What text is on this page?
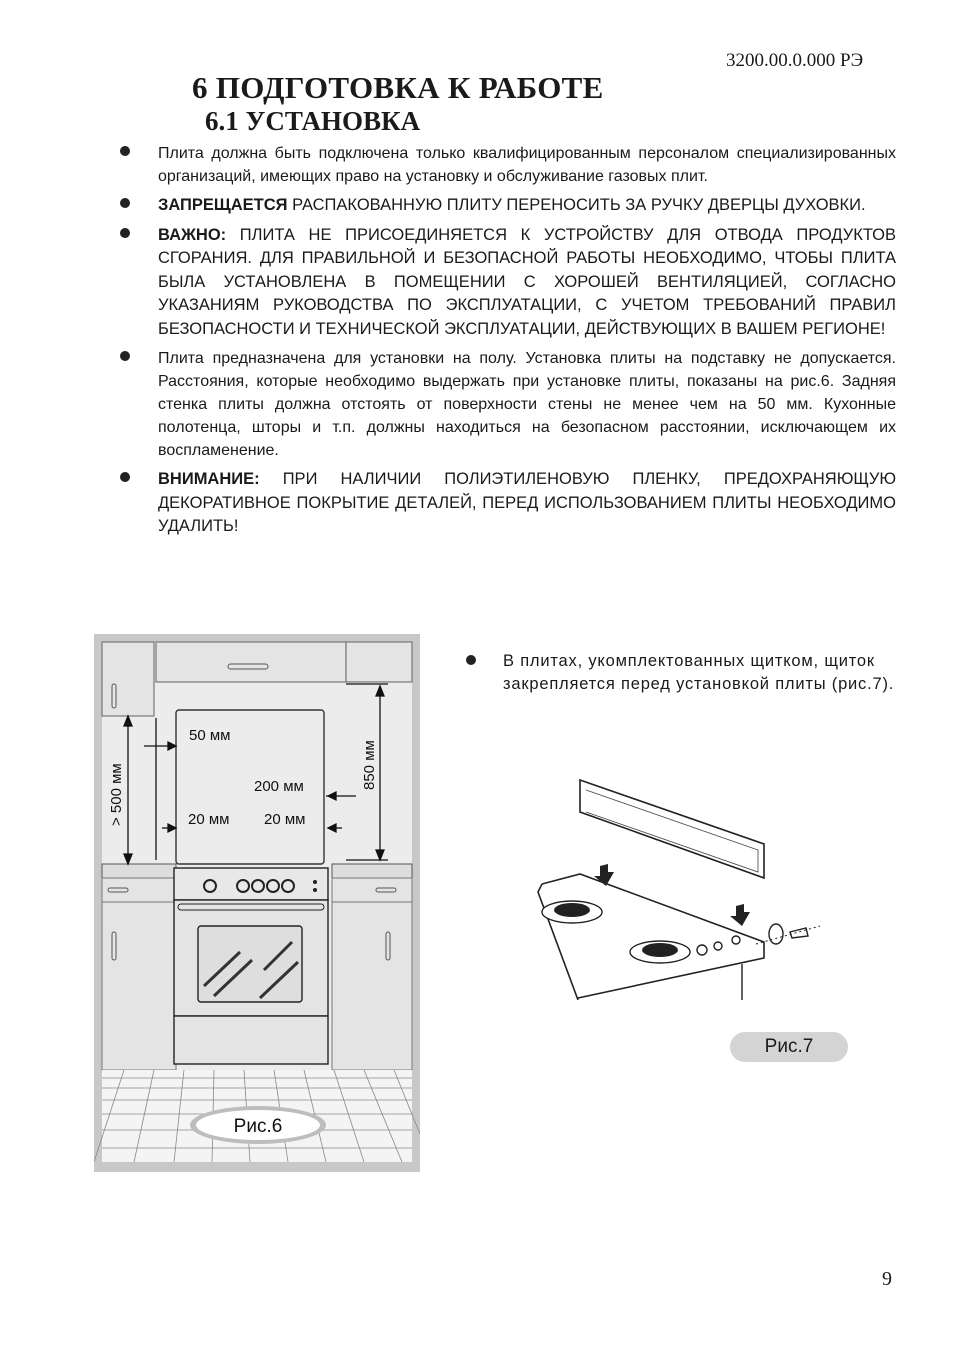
3200.00.0.000 РЭ
6 ПОДГОТОВКА К РАБОТЕ
6.1 УСТАНОВКА
Плита должна быть подключена только квалифицированным персоналом специализированных организаций, имеющих право на установку и обслуживание газовых плит.
ЗАПРЕЩАЕТСЯ РАСПАКОВАННУЮ ПЛИТУ ПЕРЕНОСИТЬ ЗА РУЧКУ ДВЕРЦЫ ДУХОВКИ.
ВАЖНО: ПЛИТА НЕ ПРИСОЕДИНЯЕТСЯ К УСТРОЙСТВУ ДЛЯ ОТВОДА ПРОДУКТОВ СГОРАНИЯ. ДЛЯ ПРАВИЛЬНОЙ И БЕЗОПАСНОЙ РАБОТЫ НЕОБХОДИМО, ЧТОБЫ ПЛИТА БЫЛА УСТАНОВЛЕНА В ПОМЕЩЕНИИ С ХОРОШЕЙ ВЕНТИЛЯЦИЕЙ, СОГЛАСНО УКАЗАНИЯМ РУКОВОДСТВА ПО ЭКСПЛУАТАЦИИ, С УЧЕТОМ ТРЕБОВАНИЙ ПРАВИЛ БЕЗОПАСНОСТИ И ТЕХНИЧЕСКОЙ ЭКСПЛУАТАЦИИ, ДЕЙСТВУЮЩИХ В ВАШЕМ РЕГИОНЕ!
Плита предназначена для установки на полу. Установка плиты на подставку не допускается. Расстояния, которые необходимо выдержать при установке плиты, показаны на рис.6. Задняя стенка плиты должна отстоять от поверхности стены не менее чем на 50 мм. Кухонные полотенца, шторы и т.п. должны находиться на безопасном расстоянии, исключающем их воспламенение.
ВНИМАНИЕ: ПРИ НАЛИЧИИ ПОЛИЭТИЛЕНОВУЮ ПЛЕНКУ, ПРЕДОХРАНЯЮЩУЮ ДЕКОРАТИВНОЕ ПОКРЫТИЕ ДЕТАЛЕЙ, ПЕРЕД ИСПОЛЬЗОВАНИЕМ ПЛИТЫ НЕОБХОДИМО УДАЛИТЬ!
50 мм
200 мм
20 мм 20 мм
> 500 мм	850 мм
Рис.6
В плитах, укомплектованных щитком, щиток закрепляется перед установкой плиты (рис.7).
Рис.7
9
